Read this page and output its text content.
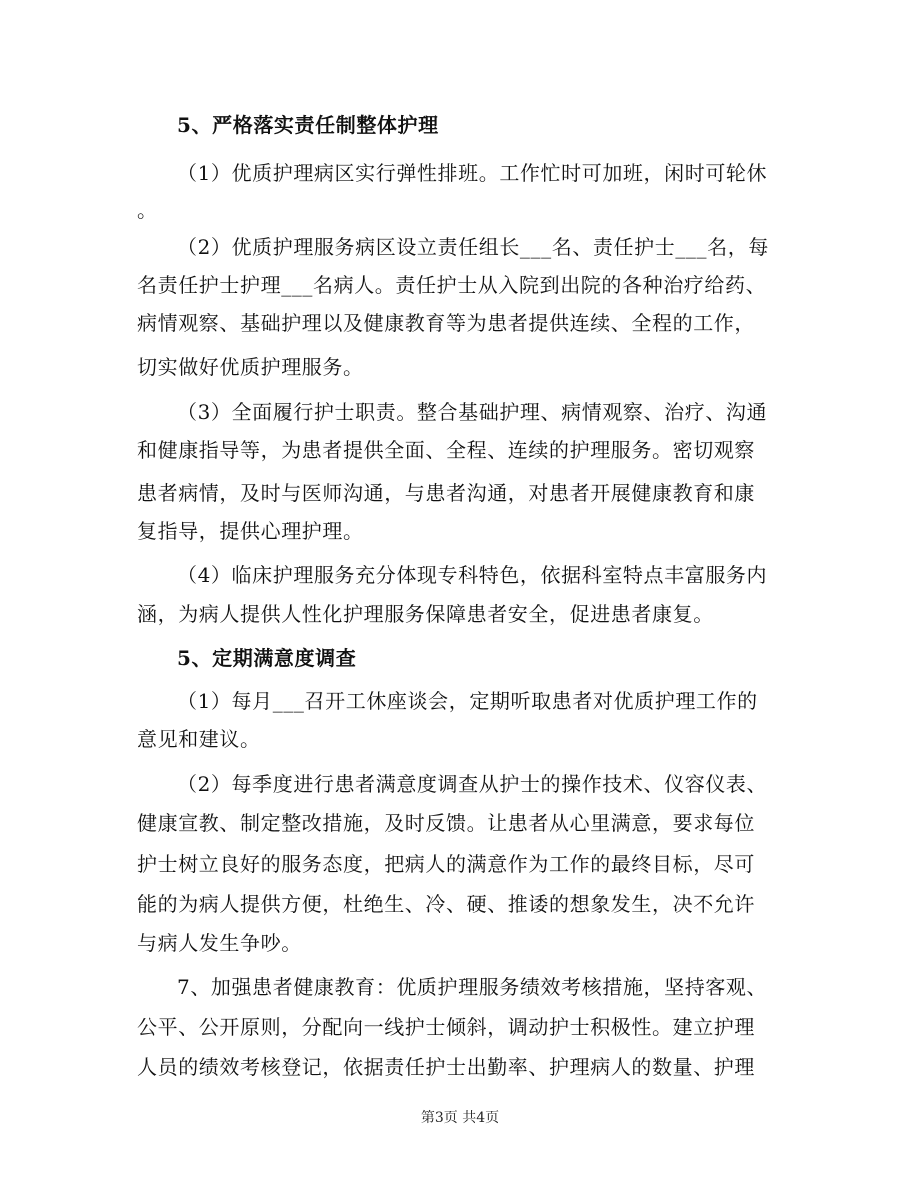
5、严格落实责任制整体护理
（1）优质护理病区实行弹性排班。工作忙时可加班，闲时可轮休
。
（2）优质护理服务病区设立责任组长___名、责任护士___名，每
名责任护士护理___名病人。责任护士从入院到出院的各种治疗给药、
病情观察、基础护理以及健康教育等为患者提供连续、全程的工作，
切实做好优质护理服务。
（3）全面履行护士职责。整合基础护理、病情观察、治疗、沟通
和健康指导等，为患者提供全面、全程、连续的护理服务。密切观察
患者病情，及时与医师沟通，与患者沟通，对患者开展健康教育和康
复指导，提供心理护理。
（4）临床护理服务充分体现专科特色，依据科室特点丰富服务内
涵，为病人提供人性化护理服务保障患者安全，促进患者康复。
5、定期满意度调查
（1）每月___召开工休座谈会，定期听取患者对优质护理工作的
意见和建议。
（2）每季度进行患者满意度调查从护士的操作技术、仪容仪表、
健康宣教、制定整改措施，及时反馈。让患者从心里满意，要求每位
护士树立良好的服务态度，把病人的满意作为工作的最终目标，尽可
能的为病人提供方便，杜绝生、冷、硬、推诿的想象发生，决不允许
与病人发生争吵。
7、加强患者健康教育：优质护理服务绩效考核措施，坚持客观、
公平、公开原则，分配向一线护士倾斜，调动护士积极性。建立护理
人员的绩效考核登记，依据责任护士出勤率、护理病人的数量、护理
第3页 共4页
